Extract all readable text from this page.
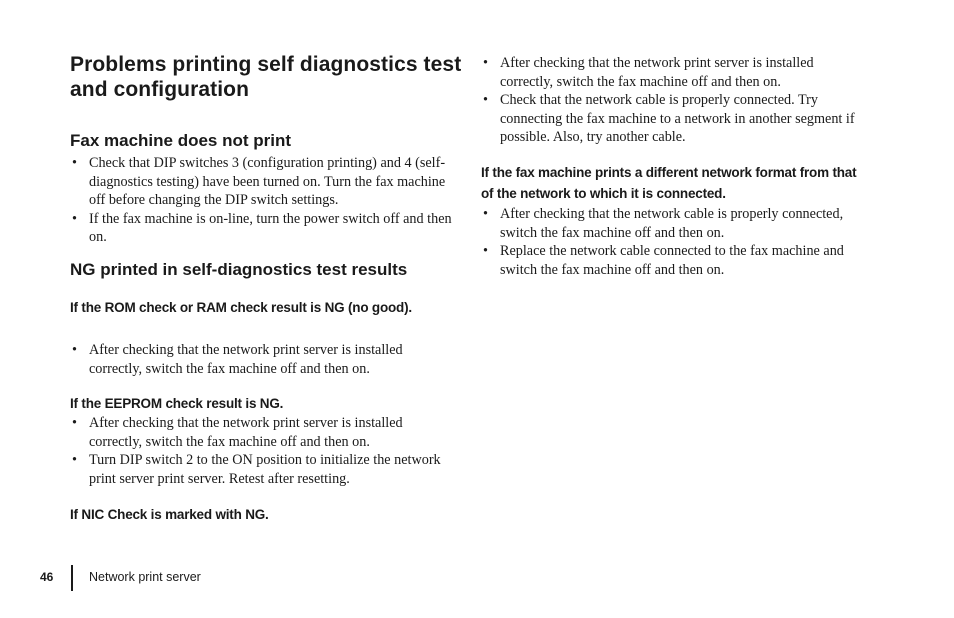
Problems printing self diagnostics test and configuration
Fax machine does not print
• Check that DIP switches 3 (configuration printing) and 4 (self-diagnostics testing) have been turned on. Turn the fax machine off before changing the DIP switch settings.
• If the fax machine is on-line, turn the power switch off and then on.
NG printed in self-diagnostics test results
If the ROM check or RAM check result is NG (no good).
• After checking that the network print server is installed correctly, switch the fax machine off and then on.
If the EEPROM check result is NG.
• After checking that the network print server is installed correctly, switch the fax machine off and then on.
• Turn DIP switch 2 to the ON position to initialize the network print server print server. Retest after resetting.
If NIC Check is marked with NG.
• After checking that the network print server is installed correctly, switch the fax machine off and then on.
• Check that the network cable is properly connected. Try connecting the fax machine to a network in another segment if possible. Also, try another cable.
If the fax machine prints a different network format from that of the network to which it is connected.
• After checking that the network cable is properly connected, switch the fax machine off and then on.
• Replace the network cable connected to the fax machine and switch the fax machine off and then on.
46	Network print server
